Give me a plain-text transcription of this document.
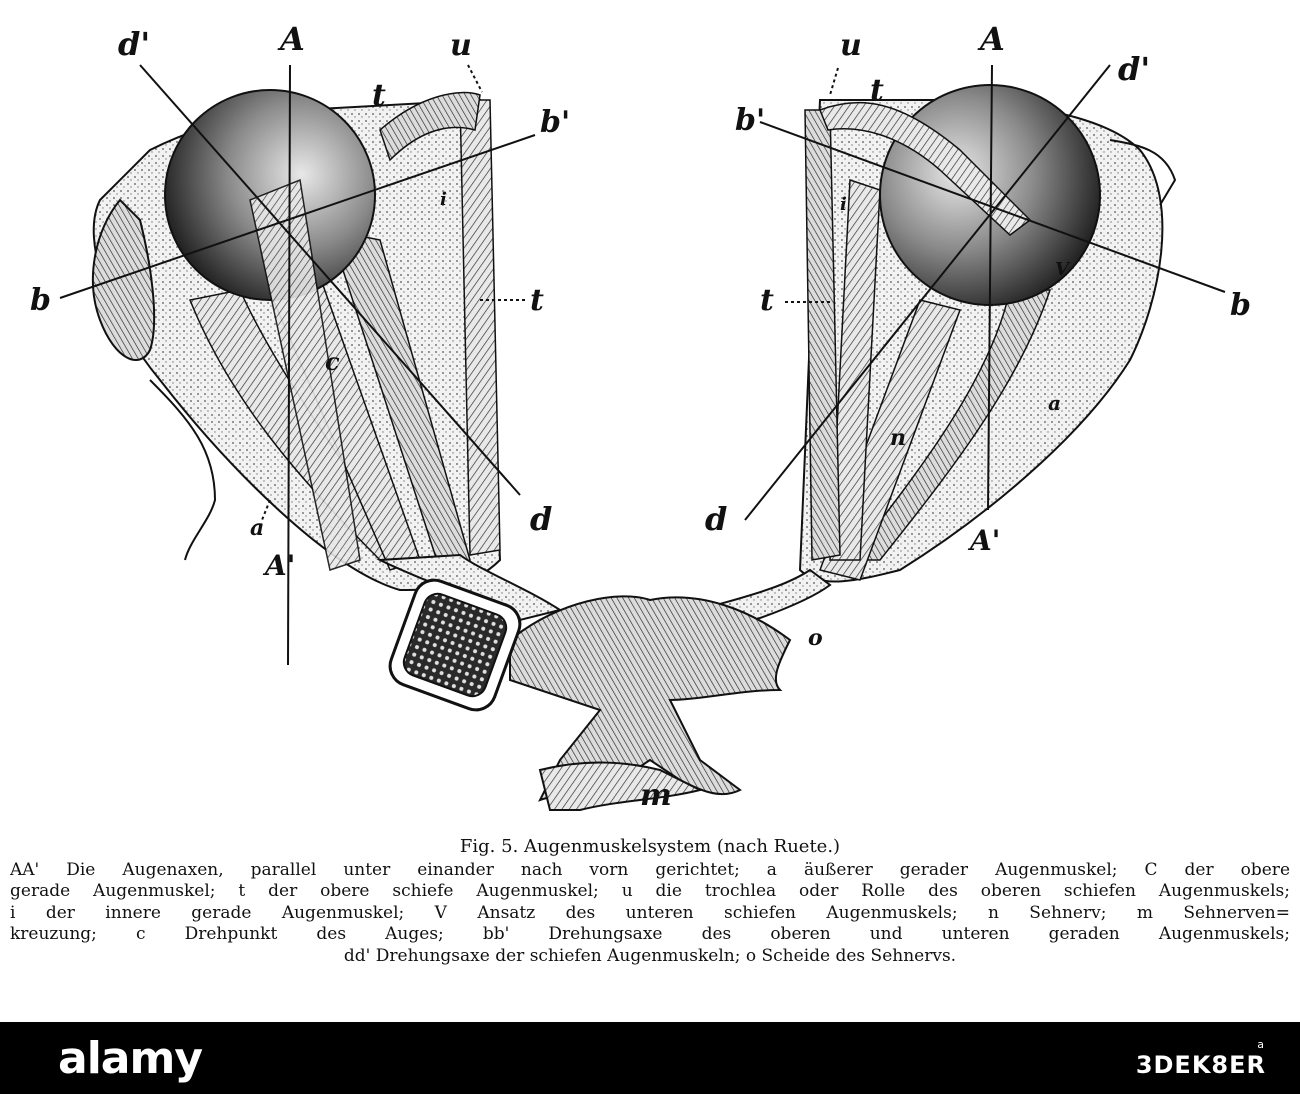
d'	A	u
t
b'
i
b	t
c
a	d
A'
u	A
d'
b'
t
i
V
b
t
a
n
d
A'
o
m
Fig. 5. Augenmuskelsystem (nach Ruete.)
AA' Die Augenaxen, parallel unter einander nach vorn gerichtet; a äußerer gerader Augenmuskel; C der obere
gerade Augenmuskel; t der obere schiefe Augenmuskel; u die trochlea oder Rolle des oberen schiefen Augenmuskels;
i der innere gerade Augenmuskel; V Ansatz des unteren schiefen Augenmuskels; n Sehnerv; m Sehnerven=
kreuzung; c Drehpunkt des Auges; bb' Drehungsaxe des oberen und unteren geraden Augenmuskels;
dd' Drehungsaxe der schiefen Augenmuskeln; o Scheide des Sehnervs.
alamy	a
3DEK8ER
